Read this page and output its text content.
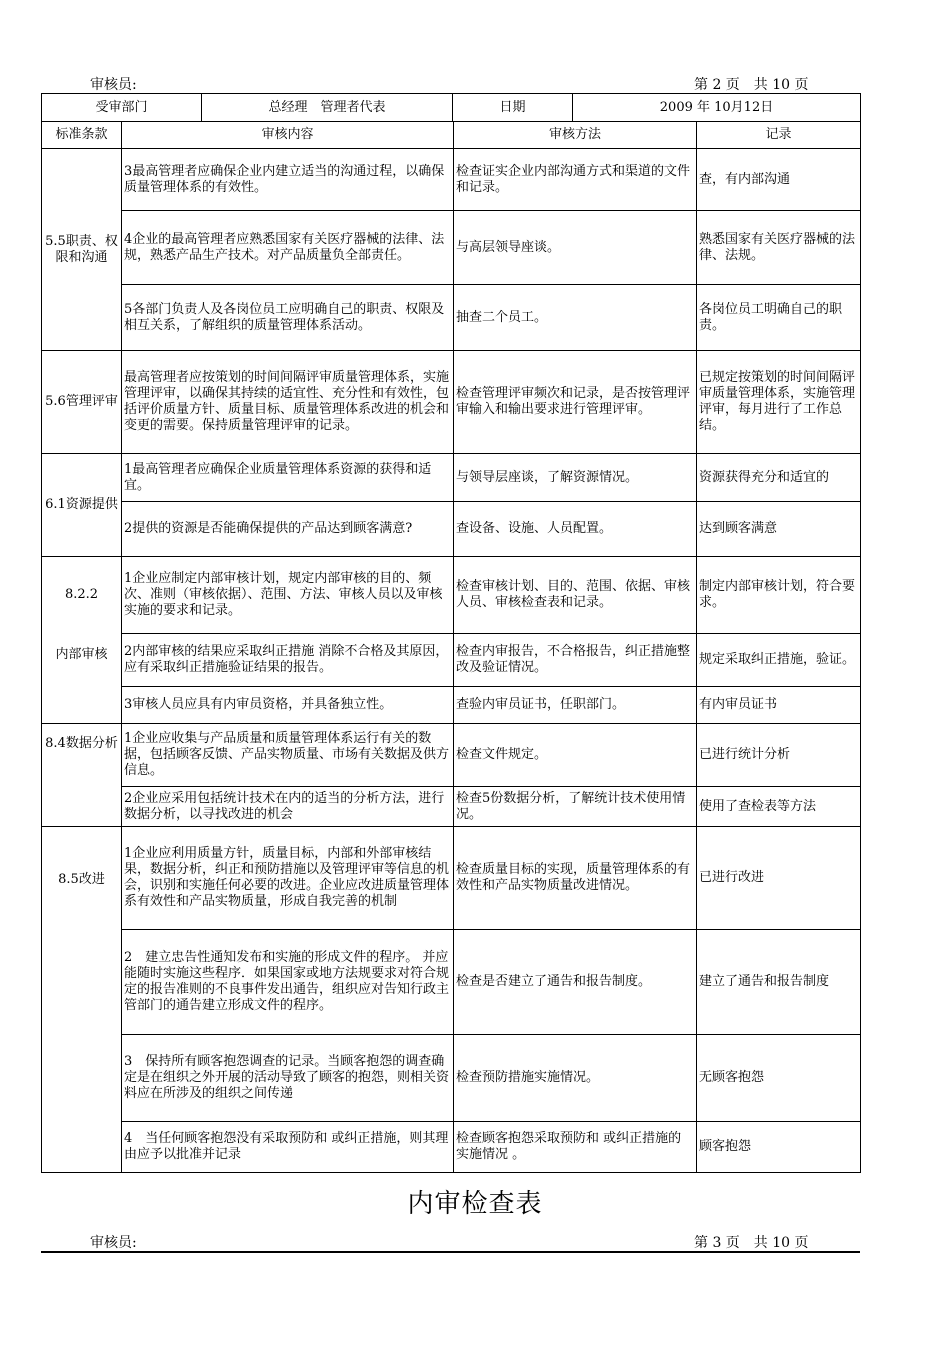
审核员:	第 2 页　共 10 页
受审部门	总经理　管理者代表	日期	2009 年 10月12日
标准条款	审核内容	审核方法	记录
5.5职责、权限和沟通	3最高管理者应确保企业内建立适当的沟通过程，以确保质量管理体系的有效性。	检查证实企业内部沟通方式和渠道的文件和记录。	查，有内部沟通
	4企业的最高管理者应熟悉国家有关医疗器械的法律、法规，熟悉产品生产技术。对产品质量负全部责任。	与高层领导座谈。	熟悉国家有关医疗器械的法律、法规。
	5各部门负责人及各岗位员工应明确自己的职责、权限及相互关系，了解组织的质量管理体系活动。	抽查二个员工。	各岗位员工明确自己的职责。
5.6管理评审	最高管理者应按策划的时间间隔评审质量管理体系，实施管理评审，以确保其持续的适宜性、充分性和有效性，包括评价质量方针、质量目标、质量管理体系改进的机会和变更的需要。保持质量管理评审的记录。	检查管理评审频次和记录，是否按管理评审输入和输出要求进行管理评审。	已规定按策划的时间间隔评审质量管理体系，实施管理评审，每月进行了工作总结。
6.1资源提供	1最高管理者应确保企业质量管理体系资源的获得和适宜。	与领导层座谈，了解资源情况。	资源获得充分和适宜的
	2提供的资源是否能确保提供的产品达到顾客满意?	查设备、设施、人员配置。	达到顾客满意

8.2.2
内部审核	1企业应制定内部审核计划，规定内部审核的目的、频次、准则（审核依据）、范围、方法、审核人员以及审核实施的要求和记录。	检查审核计划、目的、范围、依据、审核人员、审核检查表和记录。	制定内部审核计划，符合要求。
	2内部审核的结果应采取纠正措施 消除不合格及其原因，应有采取纠正措施验证结果的报告。	检查内审报告，不合格报告，纠正措施整改及验证情况。	规定采取纠正措施，验证。
	3审核人员应具有内审员资格，并具备独立性。	查验内审员证书，任职部门。	有内审员证书
8.4数据分析	1企业应收集与产品质量和质量管理体系运行有关的数据，包括顾客反馈、产品实物质量、市场有关数据及供方信息。	检查文件规定。	已进行统计分析
	2企业应采用包括统计技术在内的适当的分析方法，进行数据分析，以寻找改进的机会	检查5份数据分析，了解统计技术使用情况。	使用了查检表等方法
8.5改进	1企业应利用质量方针，质量目标，内部和外部审核结果，数据分析，纠正和预防措施以及管理评审等信息的机会，识别和实施任何必要的改进。企业应改进质量管理体系有效性和产品实物质量，形成自我完善的机制	检查质量目标的实现，质量管理体系的有效性和产品实物质量改进情况。	已进行改进
	2　建立忠告性通知发布和实施的形成文件的程序。 并应能随时实施这些程序．如果国家或地方法规要求对符合规定的报告准则的不良事件发出通告，组织应对告知行政主管部门的通告建立形成文件的程序。	检查是否建立了通告和报告制度。	建立了通告和报告制度
	3　保持所有顾客抱怨调查的记录。当顾客抱怨的调查确定是在组织之外开展的活动导致了顾客的抱怨，则相关资料应在所涉及的组织之间传递	检查预防措施实施情况。	无顾客抱怨
	4　当任何顾客抱怨没有采取预防和 或纠正措施，则其理由应予以批准并记录	检查顾客抱怨采取预防和 或纠正措施的实施情况 。	顾客抱怨
内审检查表
审核员:	第 3 页　共 10 页
